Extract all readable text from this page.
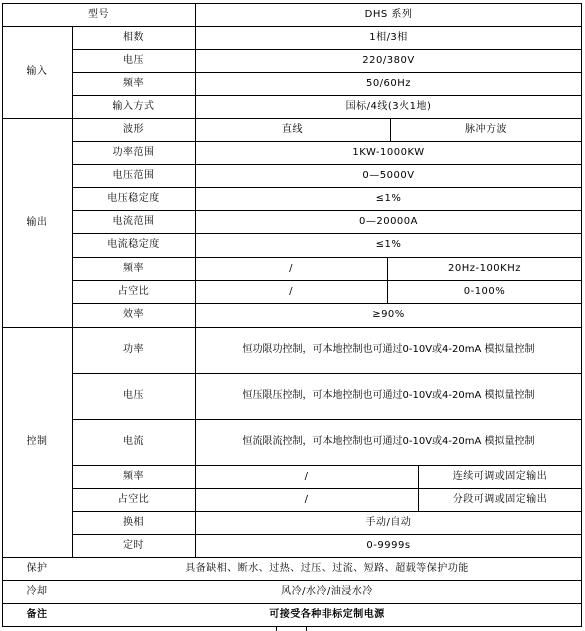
型号	DHS 系列
输入
相数	1相/3相
电压	220/380V
频率	50/60Hz
输入方式	国标/4线(3火1地)
输出
波形	直线	脉冲方波
功率范围	1KW-1000KW
电压范围	0—5000V
电压稳定度	≤1%
电流范围	0—20000A
电流稳定度	≤1%
频率	/	20Hz-100KHz
占空比	/	0-100%
效率	≥90%
控制
功率	恒功限功控制，可本地控制也可通过0-10V或4-20mA 模拟量控制
电压	恒压限压控制，可本地控制也可通过0-10V或4-20mA 模拟量控制
电流	恒流限流控制，可本地控制也可通过0-10V或4-20mA 模拟量控制
频率	/	连续可调或固定输出
占空比	/	分段可调或固定输出
换相	手动/自动
定时	0-9999s
保护	具备缺相、断水、过热、过压、过流、短路、超载等保护功能
冷却	风冷/水冷/油浸水冷
备注	可接受各种非标定制电源
